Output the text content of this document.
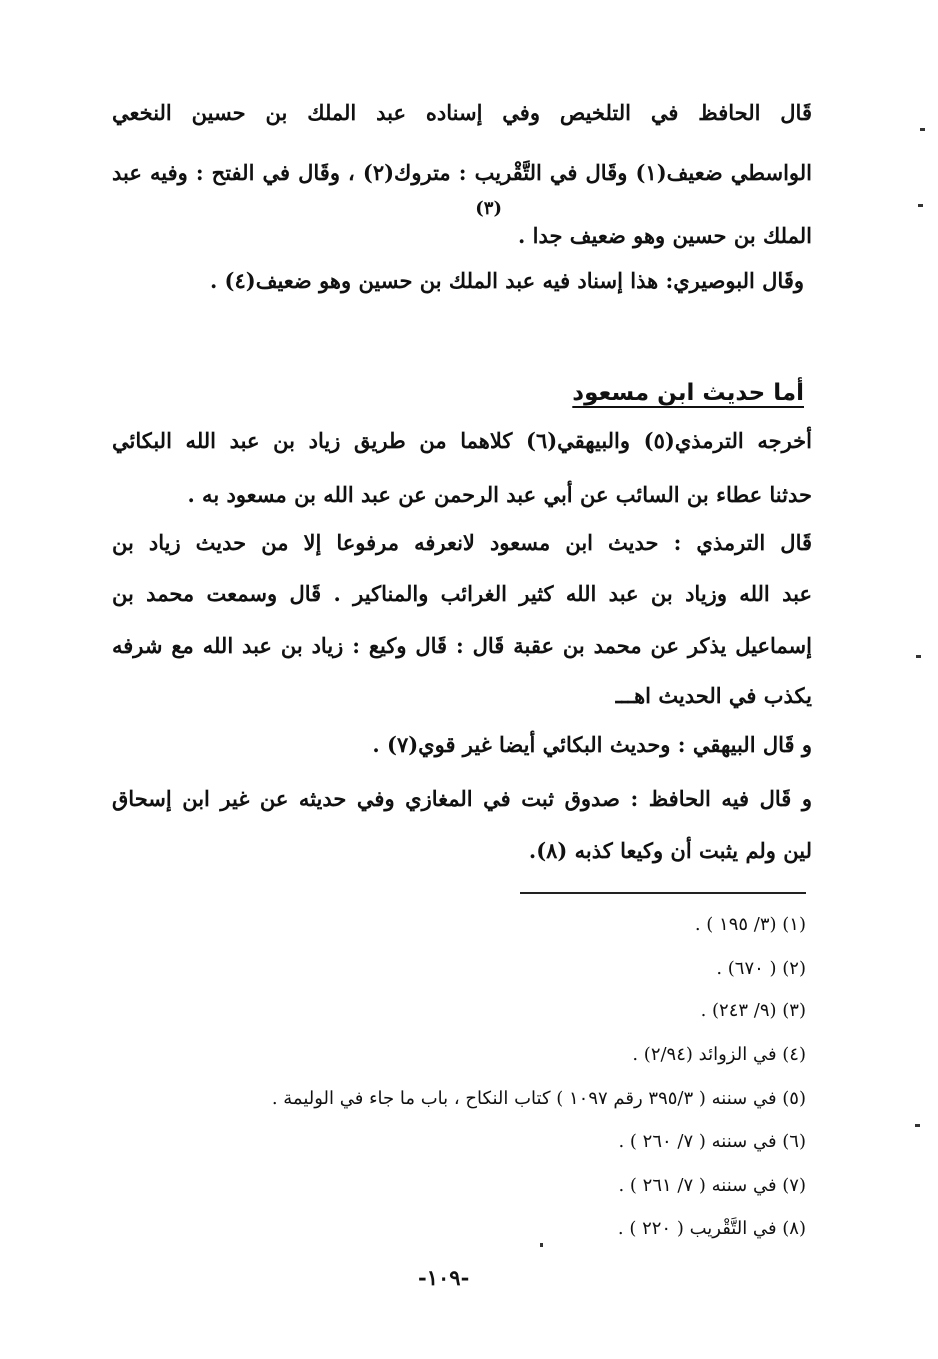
قَال الحافظ في التلخيص وفي إسناده عبد الملك بن حسين النخعي
الواسطي ضعيف(١) وقَال في التَّقْريب : متروك(٢) ، وقَال في الفتح : وفيه عبد
(٣)
الملك بن حسين وهو ضعيف جدا .
وقَال البوصيري: هذا إسناد فيه عبد الملك بن حسين وهو ضعيف(٤) .
أما حديث ابن مسعود
أخرجه الترمذي(٥) والبيهقي(٦) كلاهما من طريق زياد بن عبد الله البكائي
حدثنا عطاء بن السائب عن أبي عبد الرحمن عن عبد الله بن مسعود به .
قَال الترمذي : حديث ابن مسعود لانعرفه مرفوعا إلا من حديث زياد بن
عبد الله وزياد بن عبد الله كثير الغرائب والمناكير . قَال وسمعت محمد بن
إسماعيل يذكر عن محمد بن عقبة قَال : قَال وكيع : زياد بن عبد الله مع شرفه
يكذب في الحديث اهـــ
و قَال البيهقي : وحديث البكائي أيضا غير قوي(٧) .
و قَال فيه الحافظ : صدوق ثبت في المغازي وفي حديثه عن غير ابن إسحاق
لين ولم يثبت أن وكيعا كذبه (٨).
(١) (٣/ ١٩٥ ) .
(٢) ( ٦٧٠) .
(٣) (٩/ ٢٤٣) .
(٤) في الزوائد (٢/٩٤) .
(٥) في سننه ( ٣٩٥/٣ رقم ١٠٩٧ ) كتاب النكاح ، باب ما جاء في الوليمة .
(٦) في سننه ( ٧/ ٢٦٠ ) .
(٧) في سننه ( ٧/ ٢٦١ ) .
(٨) في التَّقْريب ( ٢٢٠ ) .
-١٠٩-
